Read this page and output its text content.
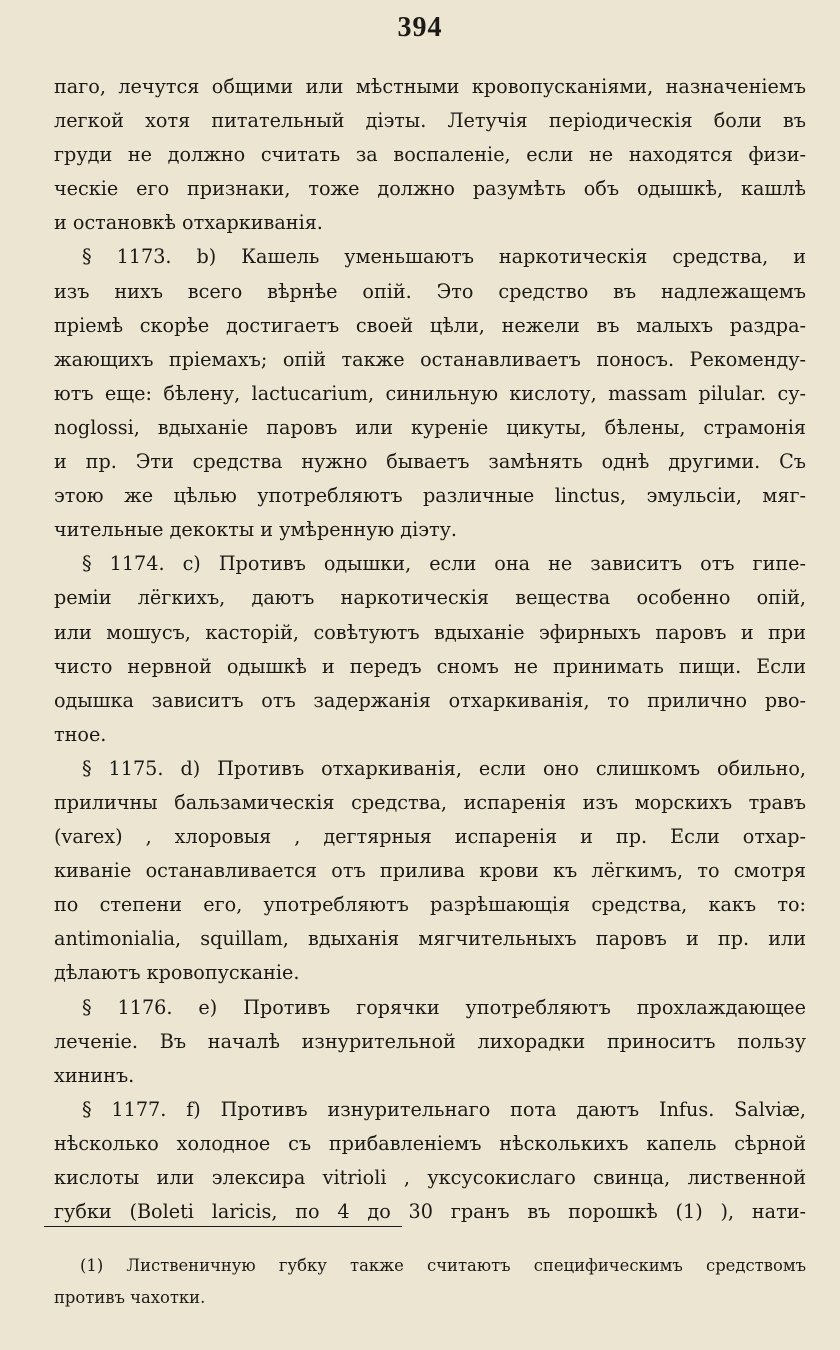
394
паго, лечутся общими или мѣстными кровопусканіями, назначеніемъ
легкой хотя питательный діэты. Летучія періодическія боли въ
груди не должно считать за воспаленіе, если не находятся физи-
ческіе его признаки, тоже должно разумѣть объ одышкѣ, кашлѣ
и остановкѣ отхаркиванія.
§ 1173. b) Кашель уменьшаютъ наркотическія средства, и
изъ нихъ всего вѣрнѣе опій. Это средство въ надлежащемъ
пріемѣ скорѣе достигаетъ своей цѣли, нежели въ малыхъ раздра-
жающихъ пріемахъ; опій также останавливаетъ поносъ. Рекоменду-
ютъ еще: бѣлену, lactucarium, синильную кислоту, massam pilular. су-
noglossi, вдыханіе паровъ или куреніе цикуты, бѣлены, страмонія
и пр. Эти средства нужно бываетъ замѣнять однѣ другими. Съ
этою же цѣлью употребляютъ различные linctus, эмульсіи, мяг-
чительные декокты и умѣренную діэту.
§ 1174. c) Противъ одышки, если она не зависитъ отъ гипе-
ремiи лёгкихъ, даютъ наркотическія вещества особенно опій,
или мошусъ, касторій, совѣтуютъ вдыханіе эфирныхъ паровъ и при
чисто нервной одышкѣ и передъ сномъ не принимать пищи. Если
одышка зависитъ отъ задержанія отхаркиванія, то прилично рво-
тное.
§ 1175. d) Противъ отхаркиванія, если оно слишкомъ обильно,
приличны бальзамическія средства, испаренія изъ морскихъ травъ
(varex) , хлоровыя , дегтярныя испаренія и пр. Если отхар-
киваніе останавливается отъ прилива крови къ лёгкимъ, то смотря
по степени его, употребляютъ разрѣшающія средства, какъ то:
antimonialia, squillam, вдыханія мягчительныхъ паровъ и пр. или
дѣлаютъ кровопусканіе.
§ 1176. e) Противъ горячки употребляютъ прохлаждающее
леченіе. Въ началѣ изнурительной лихорадки приноситъ пользу
хининъ.
§ 1177. f) Противъ изнурительнаго пота даютъ Infus. Salviæ,
нѣсколько холодное съ прибавленіемъ нѣсколькихъ капель сѣрной
кислоты или элексира vitrioli , уксусокислаго свинца, лиственной
губки (Boleti laricis, по 4 до 30 гранъ въ порошкѣ (1) ), нати-
(1) Лиственичную губку также считаютъ специфическимъ средствомъ
противъ чахотки.
